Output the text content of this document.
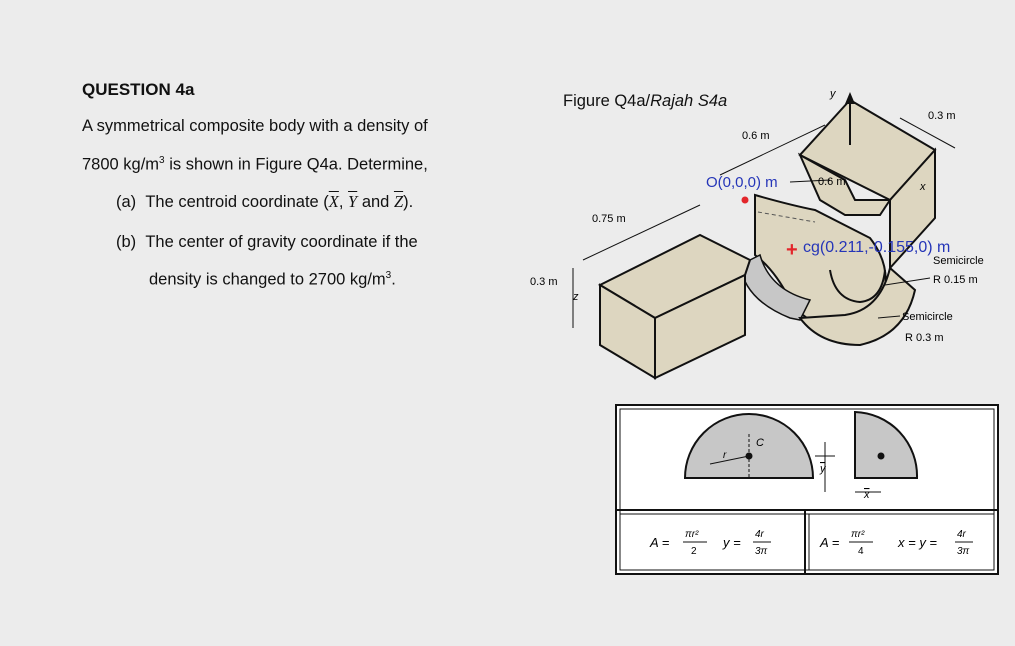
QUESTION 4a

A symmetrical composite body with a density of

7800 $kg/m^3$ is shown in Figure Q4a. Determine,

(a) The centroid coordinate ($\overline{X}$, $\overline{Y}$ and $\overline{Z}$).

(b) The center of gravity coordinate if the

density is changed to 2700 $kg/m^3$.

Figure Q4a/Rajah S4a	y
x
z
0.3 m
0.6 m
0.6 m
0.75 m
0.3 m
O(0,0,0) m
+ cg(0.211,-0.155,0) m
Semicircle
R 0.15 m
Semicircle
R 0.3 m
C
r
y
x
A =
πr²
2
y =
4r
3π
A =
πr²
4
x = y =
4r
3π
